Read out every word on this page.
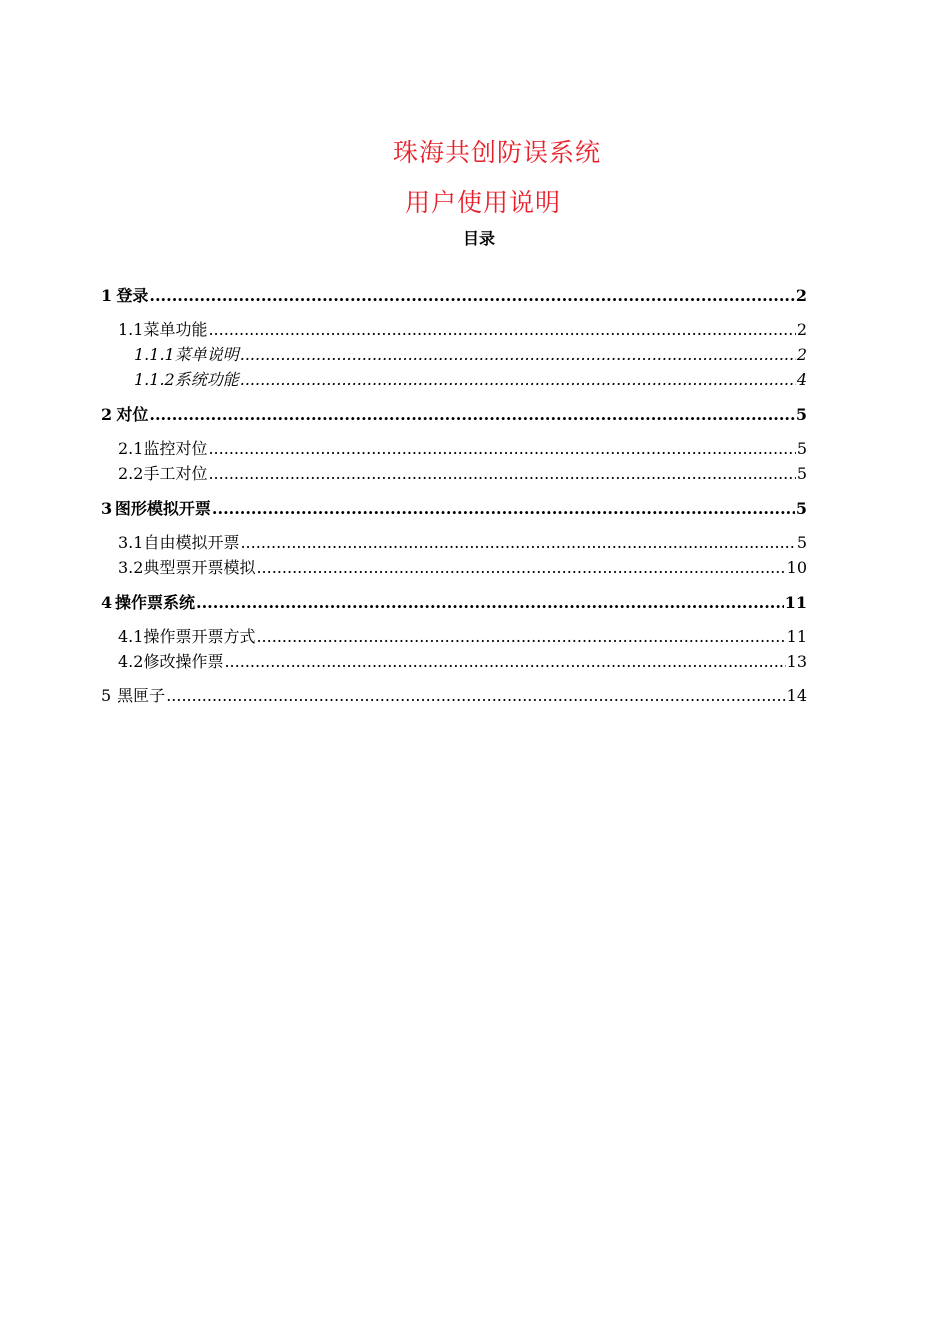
珠海共创防误系统
用户使用说明
目录
1 登录 .....	2
1.1 菜单功能 .....	2
1.1.1 菜单说明 .....	2
1.1.2 系统功能 .....	4
2 对位 .....	5
2.1 监控对位 .....	5
2.2 手工对位 .....	5
3 图形模拟开票 .....	5
3.1 自由模拟开票 .....	5
3.2 典型票开票模拟 .....	10
4 操作票系统 .....	11
4.1 操作票开票方式 .....	11
4.2 修改操作票 .....	13
5 黑匣子 .....	14
